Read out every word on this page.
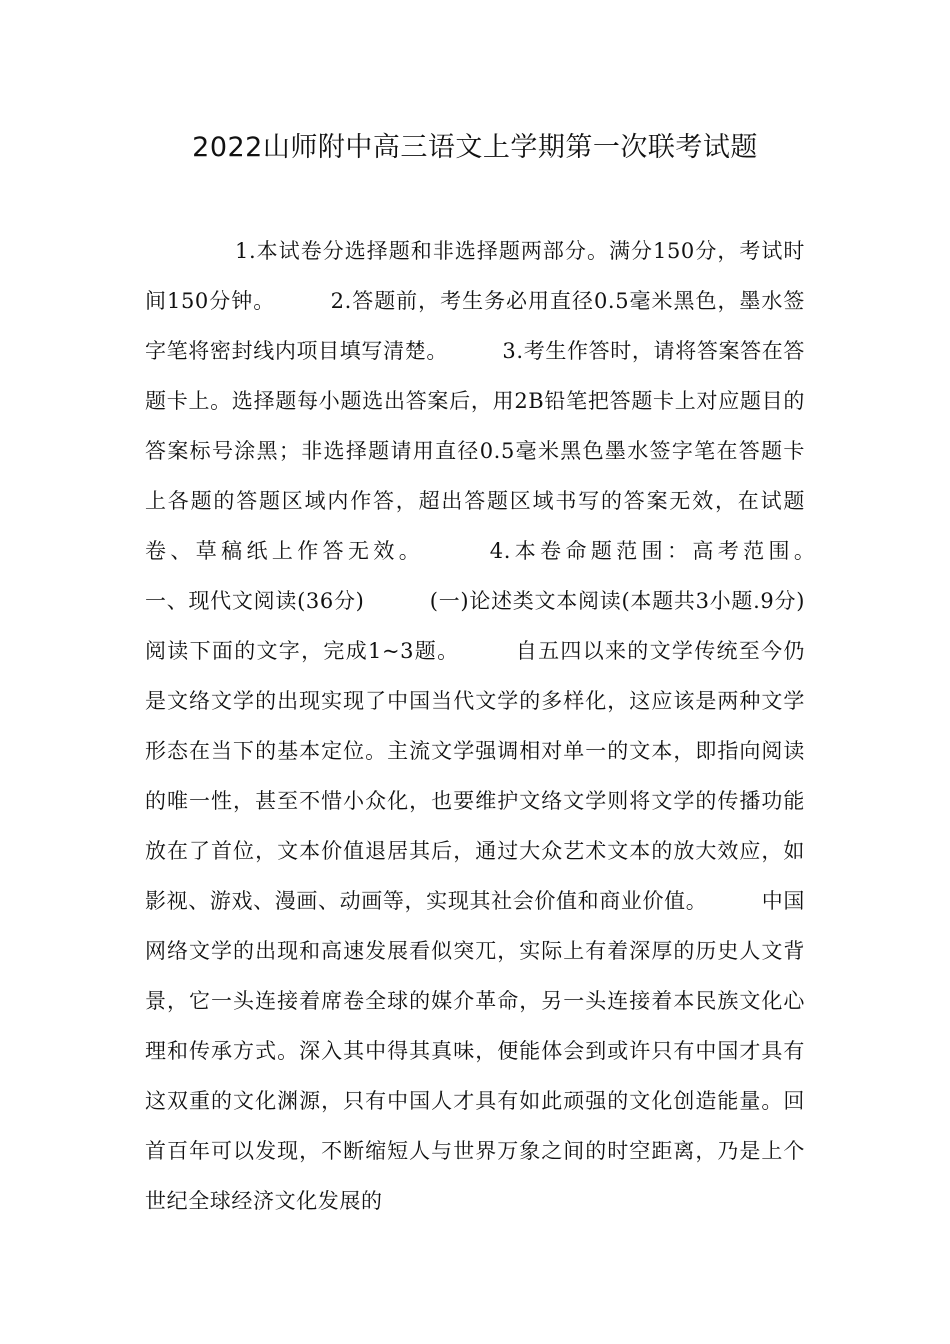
2022山师附中高三语文上学期第一次联考试题

1.本试卷分选择题和非选择题两部分。满分150分，考试时间150分钟。　　　2.答题前，考生务必用直径0.5毫米黑色，墨水签字笔将密封线内项目填写清楚。　　　3.考生作答时，请将答案答在答题卡上。选择题每小题选出答案后，用2B铅笔把答题卡上对应题目的答案标号涂黑；非选择题请用直径0.5毫米黑色墨水签字笔在答题卡上各题的答题区域内作答，超出答题区域书写的答案无效，在试题卷、草稿纸上作答无效。　　　4.本卷命题范围：高考范围。　　　一、现代文阅读(36分)　　　(一)论述类文本阅读(本题共3小题.9分)　　　阅读下面的文字，完成1~3题。　　　自五四以来的文学传统至今仍是文络文学的出现实现了中国当代文学的多样化，这应该是两种文学形态在当下的基本定位。主流文学强调相对单一的文本，即指向阅读的唯一性，甚至不惜小众化，也要维护文络文学则将文学的传播功能放在了首位，文本价值退居其后，通过大众艺术文本的放大效应，如影视、游戏、漫画、动画等，实现其社会价值和商业价值。　　　中国网络文学的出现和高速发展看似突兀，实际上有着深厚的历史人文背景，它一头连接着席卷全球的媒介革命，另一头连接着本民族文化心理和传承方式。深入其中得其真味，便能体会到或许只有中国才具有这双重的文化渊源，只有中国人才具有如此顽强的文化创造能量。回首百年可以发现，不断缩短人与世界万象之间的时空距离，乃是上个世纪全球经济文化发展的
